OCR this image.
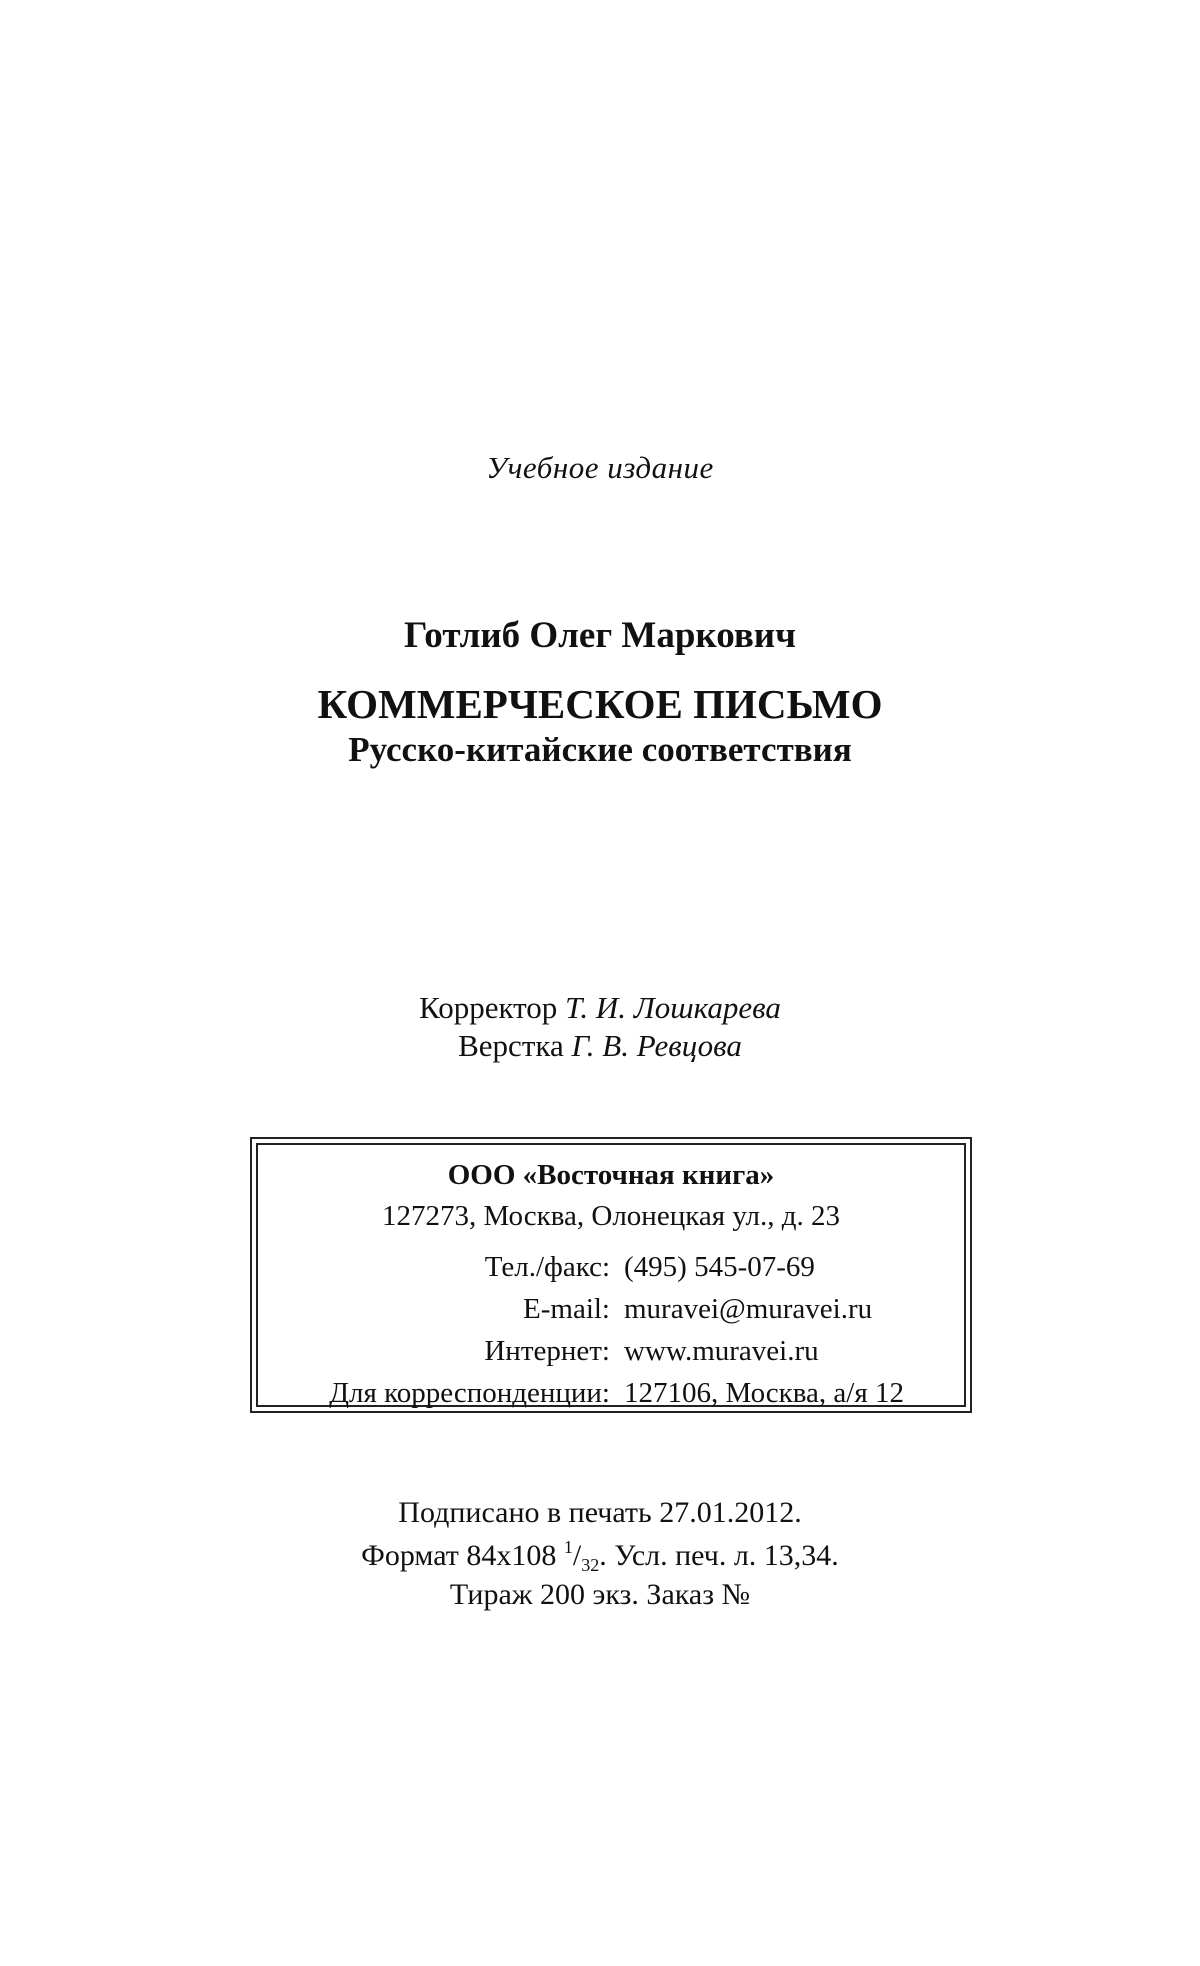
Учебное издание
Готлиб Олег Маркович
КОММЕРЧЕСКОЕ ПИСЬМО
Русско-китайские соответствия
Корректор Т. И. Лошкарева
Верстка Г. В. Ревцова
ООО «Восточная книга»
127273, Москва, Олонецкая ул., д. 23
Тел./факс: (495) 545-07-69
E-mail: muravei@muravei.ru
Интернет: www.muravei.ru
Для корреспонденции: 127106, Москва, а/я 12
Подписано в печать 27.01.2012.
Формат 84х108 $^1/_{32}$. Усл. печ. л. 13,34.
Тираж 200 экз. Заказ №
